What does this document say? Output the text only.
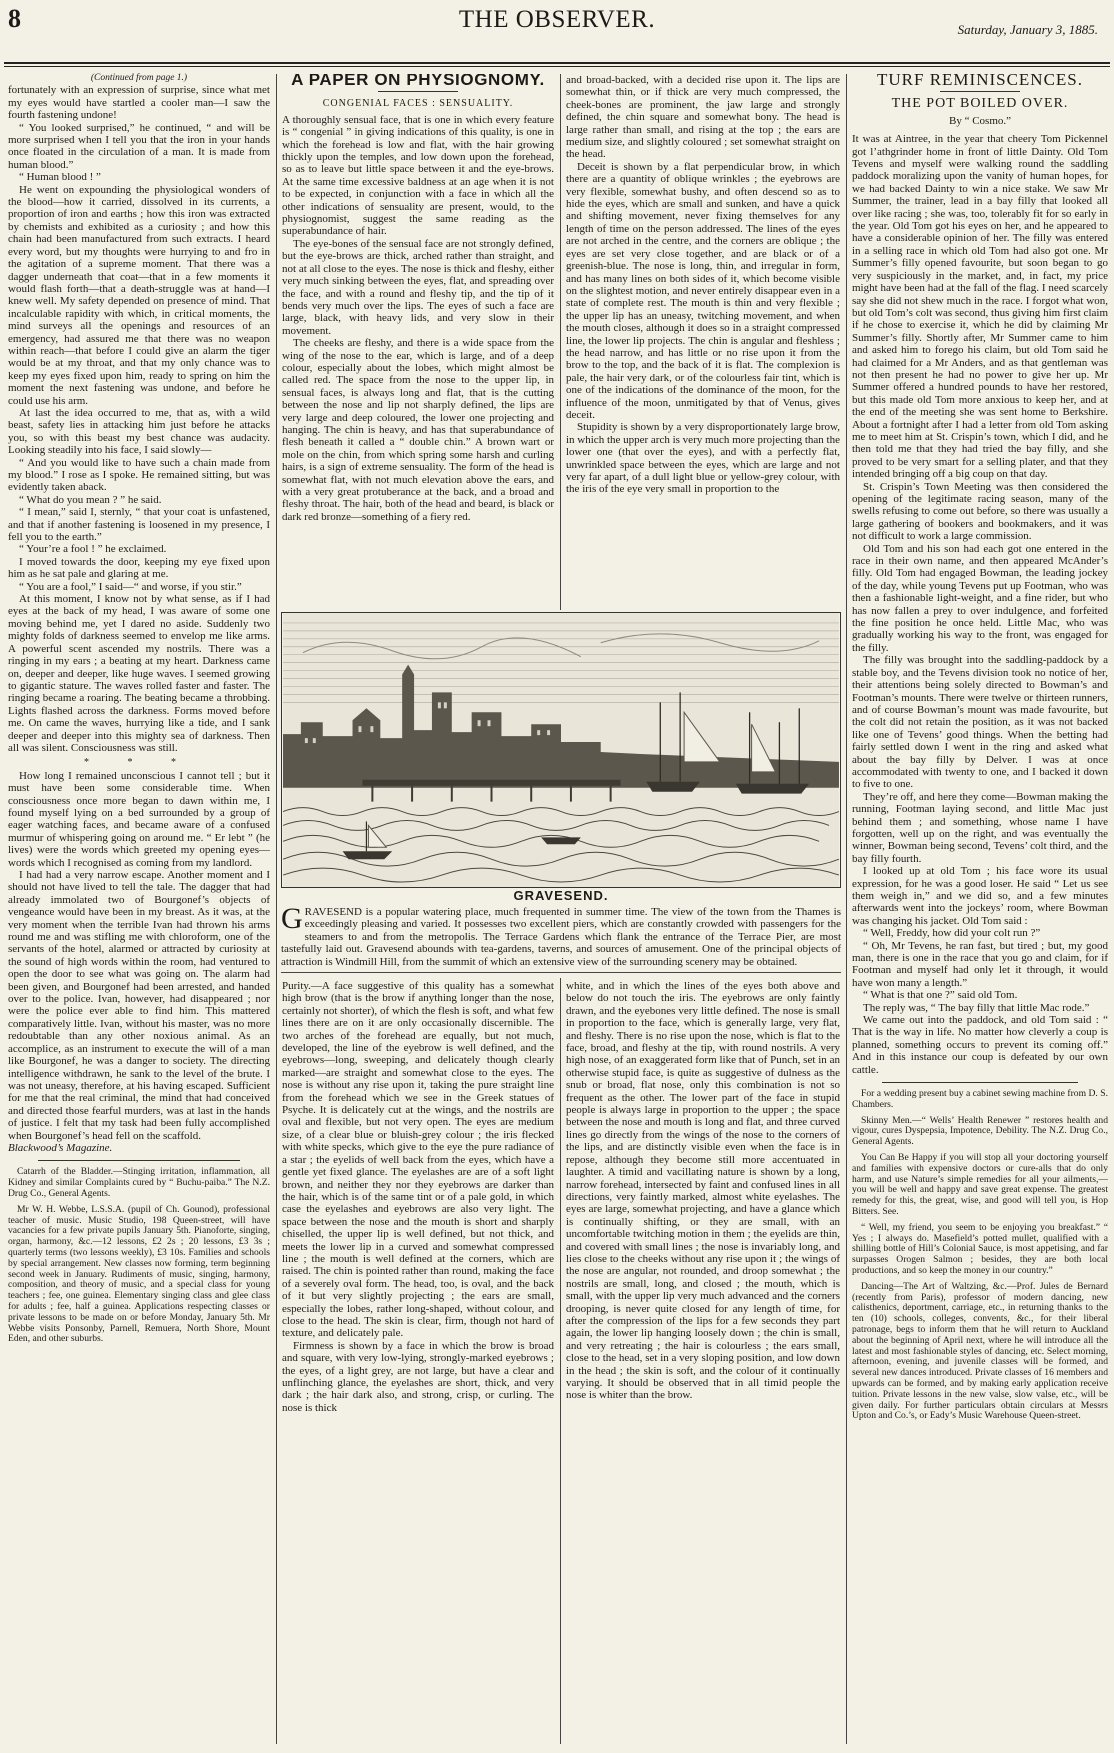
8	THE OBSERVER.	Saturday, January 3, 1885.

(Continued from page 1.)

fortunately with an expression of surprise, since what met my eyes would have startled a cooler man—I saw the fourth fastening undone!

“ You looked surprised,” he continued, “ and will be more surprised when I tell you that the iron in your hands once floated in the circulation of a man. It is made from human blood.”

“ Human blood ! ”

He went on expounding the physiological wonders of the blood—how it carried, dissolved in its currents, a proportion of iron and earths ; how this iron was extracted by chemists and exhibited as a curiosity ; and how this chain had been manufactured from such extracts. I heard every word, but my thoughts were hurrying to and fro in the agitation of a supreme moment. That there was a dagger underneath that coat—that in a few moments it would flash forth—that a death-struggle was at hand—I knew well. My safety depended on presence of mind. That incalculable rapidity with which, in critical moments, the mind surveys all the openings and resources of an emergency, had assured me that there was no weapon within reach—that before I could give an alarm the tiger would be at my throat, and that my only chance was to keep my eyes fixed upon him, ready to spring on him the moment the next fastening was undone, and before he could use his arm.

At last the idea occurred to me, that as, with a wild beast, safety lies in attacking him just before he attacks you, so with this beast my best chance was audacity. Looking steadily into his face, I said slowly—

“ And you would like to have such a chain made from my blood.” I rose as I spoke. He remained sitting, but was evidently taken aback.

“ What do you mean ? ” he said.

“ I mean,” said I, sternly, “ that your coat is unfastened, and that if another fastening is loosened in my presence, I fell you to the earth.”

“ Your’re a fool ! ” he exclaimed.

I moved towards the door, keeping my eye fixed upon him as he sat pale and glaring at me.

“ You are a fool,” I said—“ and worse, if you stir.”

At this moment, I know not by what sense, as if I had eyes at the back of my head, I was aware of some one moving behind me, yet I dared no aside. Suddenly two mighty folds of darkness seemed to envelop me like arms. A powerful scent ascended my nostrils. There was a ringing in my ears ; a beating at my heart. Darkness came on, deeper and deeper, like huge waves. I seemed growing to gigantic stature. The waves rolled faster and faster. The ringing became a roaring. The beating became a throbbing. Lights flashed across the darkness. Forms moved before me. On came the waves, hurrying like a tide, and I sank deeper and deeper into this mighty sea of darkness. Then all was silent. Consciousness was still.

* * *

How long I remained unconscious I cannot tell ; but it must have been some considerable time. When consciousness once more began to dawn within me, I found myself lying on a bed surrounded by a group of eager watching faces, and became aware of a confused murmur of whispering going on around me. “ Er lebt ” (he lives) were the words which greeted my opening eyes—words which I recognised as coming from my landlord.

I had had a very narrow escape. Another moment and I should not have lived to tell the tale. The dagger that had already immolated two of Bourgonef’s objects of vengeance would have been in my breast. As it was, at the very moment when the terrible Ivan had thrown his arms round me and was stifling me with chloroform, one of the servants of the hotel, alarmed or attracted by curiosity at the sound of high words within the room, had ventured to open the door to see what was going on. The alarm had been given, and Bourgonef had been arrested, and handed over to the police. Ivan, however, had disappeared ; nor were the police ever able to find him. This mattered comparatively little. Ivan, without his master, was no more redoubtable than any other noxious animal. As an accomplice, as an instrument to execute the will of a man like Bourgonef, he was a danger to society. The directing intelligence withdrawn, he sank to the level of the brute. I was not uneasy, therefore, at his having escaped. Sufficient for me that the real criminal, the mind that had conceived and directed those fearful murders, was at last in the hands of justice. I felt that my task had been fully accomplished when Bourgonef’s head fell on the scaffold.

Blackwood’s Magazine.

Catarrh of the Bladder.—Stinging irritation, inflammation, all Kidney and similar Complaints cured by “ Buchu-paiba.” The N.Z. Drug Co., General Agents.

Mr W. H. Webbe, L.S.S.A. (pupil of Ch. Gounod), professional teacher of music. Music Studio, 198 Queen-street, will have vacancies for a few private pupils January 5th. Pianoforte, singing, organ, harmony, &c.—12 lessons, £2 2s ; 20 lessons, £3 3s ; quarterly terms (two lessons weekly), £3 10s. Families and schools by special arrangement. New classes now forming, term beginning second week in January. Rudiments of music, singing, harmony, composition, and theory of music, and a special class for young teachers ; fee, one guinea. Elementary singing class and glee class for adults ; fee, half a guinea. Applications respecting classes or private lessons to be made on or before Monday, January 5th. Mr Webbe visits Ponsonby, Parnell, Remuera, North Shore, Mount Eden, and other suburbs.

A PAPER ON PHYSIOGNOMY.
CONGENIAL FACES : SENSUALITY.

A thoroughly sensual face, that is one in which every feature is “ congenial ” in giving indications of this quality, is one in which the forehead is low and flat, with the hair growing thickly upon the temples, and low down upon the forehead, so as to leave but little space between it and the eye-brows. At the same time excessive baldness at an age when it is not to be expected, in conjunction with a face in which all the other indications of sensuality are present, would, to the physiognomist, suggest the same reading as the superabundance of hair.

The eye-bones of the sensual face are not strongly defined, but the eye-brows are thick, arched rather than straight, and not at all close to the eyes. The nose is thick and fleshy, either very much sinking between the eyes, flat, and spreading over the face, and with a round and fleshy tip, and the tip of it bends very much over the lips. The eyes of such a face are large, black, with heavy lids, and very slow in their movement.

The cheeks are fleshy, and there is a wide space from the wing of the nose to the ear, which is large, and of a deep colour, especially about the lobes, which might almost be called red. The space from the nose to the upper lip, in sensual faces, is always long and flat, that is the cutting between the nose and lip not sharply defined, the lips are very large and deep coloured, the lower one projecting and hanging. The chin is heavy, and has that superabundance of flesh beneath it called a “ double chin.” A brown wart or mole on the chin, from which spring some harsh and curling hairs, is a sign of extreme sensuality. The form of the head is somewhat flat, with not much elevation above the ears, and with a very great protuberance at the back, and a broad and fleshy throat. The hair, both of the head and beard, is black or dark red bronze—something of a fiery red.

and broad-backed, with a decided rise upon it. The lips are somewhat thin, or if thick are very much compressed, the cheek-bones are prominent, the jaw large and strongly defined, the chin square and somewhat bony. The head is large rather than small, and rising at the top ; the ears are medium size, and slightly coloured ; set somewhat straight on the head.

Deceit is shown by a flat perpendicular brow, in which there are a quantity of oblique wrinkles ; the eyebrows are very flexible, somewhat bushy, and often descend so as to hide the eyes, which are small and sunken, and have a quick and shifting movement, never fixing themselves for any length of time on the person addressed. The lines of the eyes are not arched in the centre, and the corners are oblique ; the eyes are set very close together, and are black or of a greenish-blue. The nose is long, thin, and irregular in form, and has many lines on both sides of it, which become visible on the slightest motion, and never entirely disappear even in a state of complete rest. The mouth is thin and very flexible ; the upper lip has an uneasy, twitching movement, and when the mouth closes, although it does so in a straight compressed line, the lower lip projects. The chin is angular and fleshless ; the head narrow, and has little or no rise upon it from the brow to the top, and the back of it is flat. The complexion is pale, the hair very dark, or of the colourless fair tint, which is one of the indications of the dominance of the moon, for the influence of the moon, unmitigated by that of Venus, gives deceit.

Stupidity is shown by a very disproportionately large brow, in which the upper arch is very much more projecting than the lower one (that over the eyes), and with a perfectly flat, unwrinkled space between the eyes, which are large and not very far apart, of a dull light blue or yellow-grey colour, with the iris of the eye very small in proportion to the

GRAVESEND.
GRAVESEND is a popular watering place, much frequented in summer time. The view of the town from the Thames is exceedingly pleasing and varied. It possesses two excellent piers, which are constantly crowded with passengers for the steamers to and from the metropolis. The Terrace Gardens which flank the entrance of the Terrace Pier, are most tastefully laid out. Gravesend abounds with tea-gardens, taverns, and sources of amusement. One of the principal objects of attraction is Windmill Hill, from the summit of which an extensive view of the surrounding scenery may be obtained.

Purity.—A face suggestive of this quality has a somewhat high brow (that is the brow if anything longer than the nose, certainly not shorter), of which the flesh is soft, and what few lines there are on it are only occasionally discernible. The two arches of the forehead are equally, but not much, developed, the line of the eyebrow is well defined, and the eyebrows—long, sweeping, and delicately though clearly marked—are straight and somewhat close to the eyes. The nose is without any rise upon it, taking the pure straight line from the forehead which we see in the Greek statues of Psyche. It is delicately cut at the wings, and the nostrils are oval and flexible, but not very open. The eyes are medium size, of a clear blue or bluish-grey colour ; the iris flecked with white specks, which give to the eye the pure radiance of a star ; the eyelids of well back from the eyes, which have a gentle yet fixed glance. The eyelashes are are of a soft light brown, and neither they nor they eyebrows are darker than the hair, which is of the same tint or of a pale gold, in which case the eyelashes and eyebrows are also very light. The space between the nose and the mouth is short and sharply chiselled, the upper lip is well defined, but not thick, and meets the lower lip in a curved and somewhat compressed line ; the mouth is well defined at the corners, which are raised. The chin is pointed rather than round, making the face of a severely oval form. The head, too, is oval, and the back of it but very slightly projecting ; the ears are small, especially the lobes, rather long-shaped, without colour, and close to the head. The skin is clear, firm, though not hard of texture, and delicately pale.

Firmness is shown by a face in which the brow is broad and square, with very low-lying, strongly-marked eyebrows ; the eyes, of a light grey, are not large, but have a clear and unflinching glance, the eyelashes are short, thick, and very dark ; the hair dark also, and strong, crisp, or curling. The nose is thick

white, and in which the lines of the eyes both above and below do not touch the iris. The eyebrows are only faintly drawn, and the eyebones very little defined. The nose is small in proportion to the face, which is generally large, very flat, and fleshy. There is no rise upon the nose, which is flat to the face, broad, and fleshy at the tip, with round nostrils. A very high nose, of an exaggerated form like that of Punch, set in an otherwise stupid face, is quite as suggestive of dulness as the snub or broad, flat nose, only this combination is not so frequent as the other. The lower part of the face in stupid people is always large in proportion to the upper ; the space between the nose and mouth is long and flat, and three curved lines go directly from the wings of the nose to the corners of the lips, and are distinctly visible even when the face is in repose, although they become still more accentuated in laughter. A timid and vacillating nature is shown by a long, narrow forehead, intersected by faint and confused lines in all directions, very faintly marked, almost white eyelashes. The eyes are large, somewhat projecting, and have a glance which is continually shifting, or they are small, with an uncomfortable twitching motion in them ; the eyelids are thin, and covered with small lines ; the nose is invariably long, and lies close to the cheeks without any rise upon it ; the wings of the nose are angular, not rounded, and droop somewhat ; the nostrils are small, long, and closed ; the mouth, which is small, with the upper lip very much advanced and the corners drooping, is never quite closed for any length of time, for after the compression of the lips for a few seconds they part again, the lower lip hanging loosely down ; the chin is small, and very retreating ; the hair is colourless ; the ears small, close to the head, set in a very sloping position, and low down in the head ; the skin is soft, and the colour of it continually varying. It should be observed that in all timid people the nose is whiter than the brow.

TURF REMINISCENCES.
THE POT BOILED OVER.
By “ Cosmo.”

It was at Aintree, in the year that cheery Tom Pickennel got l’athgrinder home in front of little Dainty. Old Tom Tevens and myself were walking round the saddling paddock moralizing upon the vanity of human hopes, for we had backed Dainty to win a nice stake. We saw Mr Summer, the trainer, lead in a bay filly that looked all over like racing ; she was, too, tolerably fit for so early in the year. Old Tom got his eyes on her, and he appeared to have a considerable opinion of her. The filly was entered in a selling race in which old Tom had also got one. Mr Summer’s filly opened favourite, but soon began to go very suspiciously in the market, and, in fact, my price might have been had at the fall of the flag. I need scarcely say she did not shew much in the race. I forgot what won, but old Tom’s colt was second, thus giving him first claim if he chose to exercise it, which he did by claiming Mr Summer’s filly. Shortly after, Mr Summer came to him and asked him to forego his claim, but old Tom said he had claimed for a Mr Anders, and as that gentleman was not then present he had no power to give her up. Mr Summer offered a hundred pounds to have her restored, but this made old Tom more anxious to keep her, and at the end of the meeting she was sent home to Berkshire. About a fortnight after I had a letter from old Tom asking me to meet him at St. Crispin’s town, which I did, and he then told me that they had tried the bay filly, and she proved to be very smart for a selling plater, and that they intended bringing off a big coup on that day.

St. Crispin’s Town Meeting was then considered the opening of the legitimate racing season, many of the swells refusing to come out before, so there was usually a large gathering of bookers and bookmakers, and it was not difficult to work a large commission.

Old Tom and his son had each got one entered in the race in their own name, and then appeared McAnder’s filly. Old Tom had engaged Bowman, the leading jockey of the day, while young Tevens put up Footman, who was then a fashionable light-weight, and a fine rider, but who has now fallen a prey to over indulgence, and forfeited the fine position he once held. Little Mac, who was gradually working his way to the front, was engaged for the filly.

The filly was brought into the saddling-paddock by a stable boy, and the Tevens division took no notice of her, their attentions being solely directed to Bowman’s and Footman’s mounts. There were twelve or thirteen runners, and of course Bowman’s mount was made favourite, but the colt did not retain the position, as it was not backed like one of Tevens’ good things. When the betting had fairly settled down I went in the ring and asked what about the bay filly by Delver. I was at once accommodated with twenty to one, and I backed it down to five to one.

They’re off, and here they come—Bowman making the running, Footman laying second, and little Mac just behind them ; and something, whose name I have forgotten, well up on the right, and was eventually the winner, Bowman being second, Tevens’ colt third, and the bay filly fourth.

I looked up at old Tom ; his face wore its usual expression, for he was a good loser. He said “ Let us see them weigh in,” and we did so, and a few minutes afterwards went into the jockeys’ room, where Bowman was changing his jacket. Old Tom said :

“ Well, Freddy, how did your colt run ?”

“ Oh, Mr Tevens, he ran fast, but tired ; but, my good man, there is one in the race that you go and claim, for if Footman and myself had only let it through, it would have won many a length.”

“ What is that one ?” said old Tom.

The reply was, “ The bay filly that little Mac rode.”

We came out into the paddock, and old Tom said : “ That is the way in life. No matter how cleverly a coup is planned, something occurs to prevent its coming off.” And in this instance our coup is defeated by our own cattle.

For a wedding present buy a cabinet sewing machine from D. S. Chambers.

Skinny Men.—“ Wells’ Health Renewer ” restores health and vigour, cures Dyspepsia, Impotence, Debility. The N.Z. Drug Co., General Agents.

You Can Be Happy if you will stop all your doctoring yourself and families with expensive doctors or cure-alls that do only harm, and use Nature’s simple remedies for all your ailments,—you will be well and happy and save great expense. The greatest remedy for this, the great, wise, and good will tell you, is Hop Bitters. See.

“ Well, my friend, you seem to be enjoying you breakfast.” “ Yes ; I always do. Masefield’s potted mullet, qualified with a shilling bottle of Hill’s Colonial Sauce, is most appetising, and far surpasses Orogen Salmon ; besides, they are both local productions, and so keep the money in our country.”

Dancing—The Art of Waltzing, &c.—Prof. Jules de Bernard (recently from Paris), professor of modern dancing, new calisthenics, deportment, carriage, etc., in returning thanks to the ten (10) schools, colleges, convents, &c., for their liberal patronage, begs to inform them that he will return to Auckland about the beginning of April next, where he will introduce all the latest and most fashionable styles of dancing, etc. Select morning, afternoon, evening, and juvenile classes will be formed, and several new dances introduced. Private classes of 16 members and upwards can be formed, and by making early application receive tuition. Private lessons in the new valse, slow valse, etc., will be given daily. For further particulars obtain circulars at Messrs Upton and Co.’s, or Eady’s Music Warehouse Queen-street.
